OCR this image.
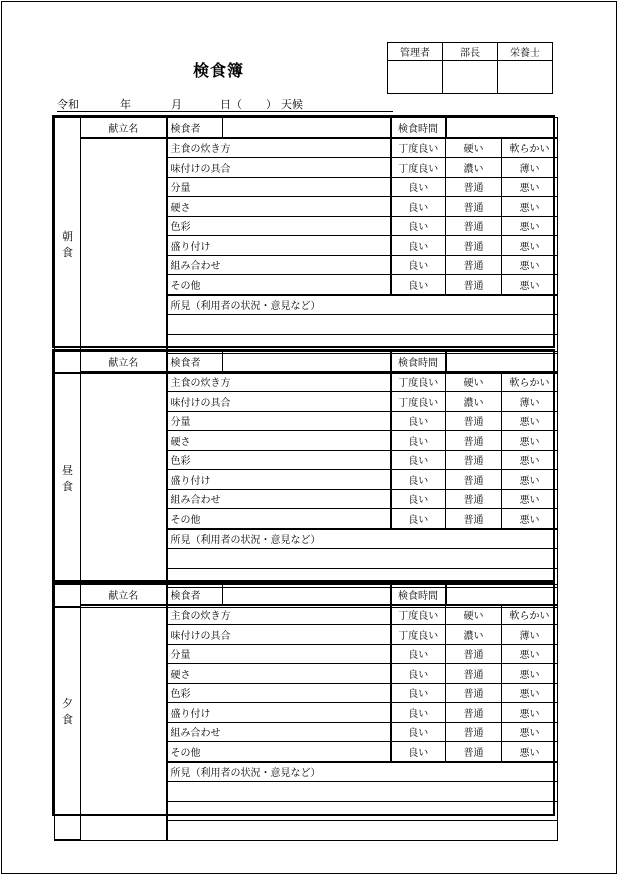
検食簿
管理者	部長	栄養士

令和	年	月	日（ ） 天候
朝
食	献立名	検食者		検食時間		
		主食の炊き方		丁度良い	硬い	軟らかい
		味付けの具合		丁度良い	濃い	薄い
		分量		良い	普通	悪い
		硬さ		良い	普通	悪い
		色彩		良い	普通	悪い
		盛り付け		良い	普通	悪い
		組み合わせ		良い	普通	悪い
		その他		良い	普通	悪い
		所見（利用者の状況・意見など）				

昼
食	献立名	検食者		検食時間		
		主食の炊き方		丁度良い	硬い	軟らかい
		味付けの具合		丁度良い	濃い	薄い
		分量		良い	普通	悪い
		硬さ		良い	普通	悪い
		色彩		良い	普通	悪い
		盛り付け		良い	普通	悪い
		組み合わせ		良い	普通	悪い
		その他		良い	普通	悪い
		所見（利用者の状況・意見など）				

夕
食	献立名	検食者		検食時間		
		主食の炊き方		丁度良い	硬い	軟らかい
		味付けの具合		丁度良い	濃い	薄い
		分量		良い	普通	悪い
		硬さ		良い	普通	悪い
		色彩		良い	普通	悪い
		盛り付け		良い	普通	悪い
		組み合わせ		良い	普通	悪い
		その他		良い	普通	悪い
		所見（利用者の状況・意見など）				
